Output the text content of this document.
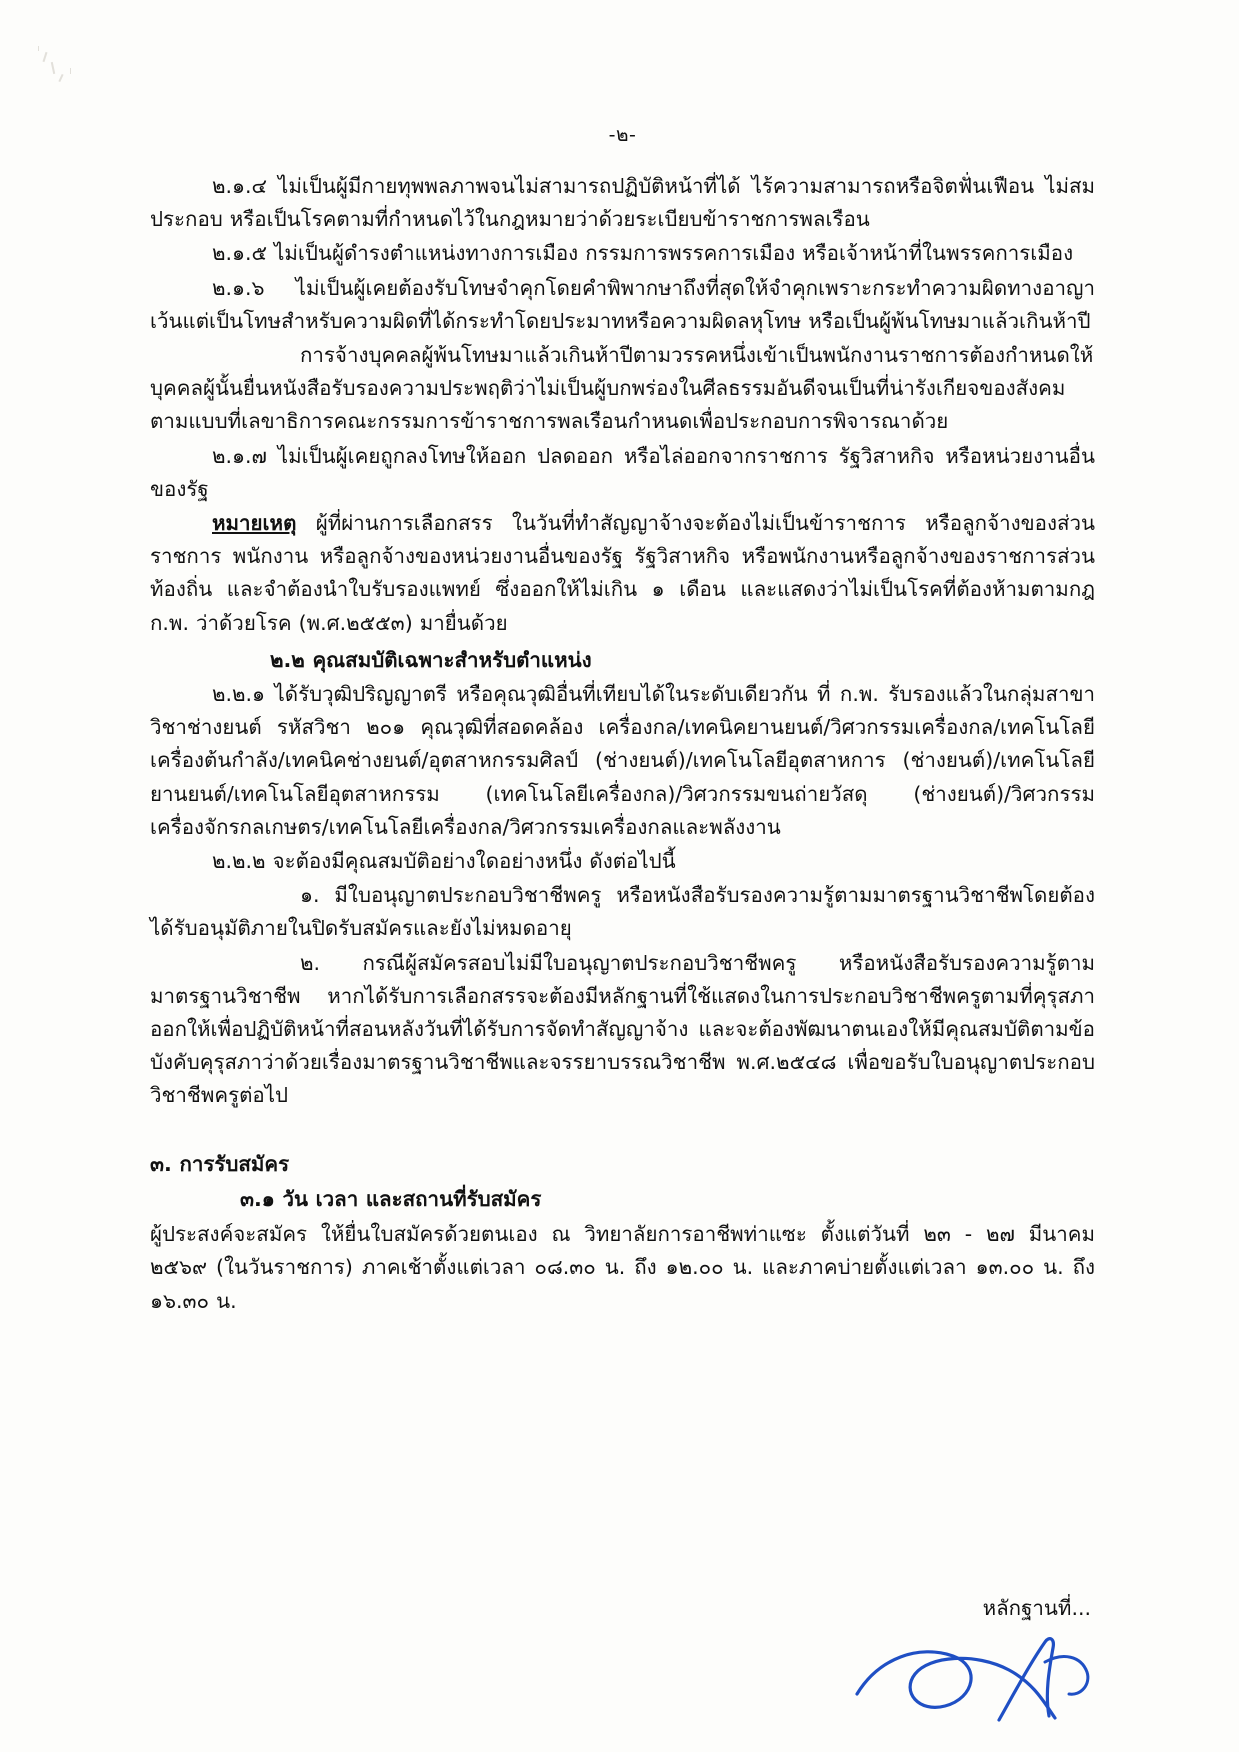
-๒-

๒.๑.๔ ไม่เป็นผู้มีกายทุพพลภาพจนไม่สามารถปฏิบัติหน้าที่ได้ ไร้ความสามารถหรือจิตฟั่นเฟือน ไม่สมประกอบ หรือเป็นโรคตามที่กำหนดไว้ในกฎหมายว่าด้วยระเบียบข้าราชการพลเรือน

๒.๑.๕ ไม่เป็นผู้ดำรงตำแหน่งทางการเมือง กรรมการพรรคการเมือง หรือเจ้าหน้าที่ในพรรคการเมือง

๒.๑.๖ ไม่เป็นผู้เคยต้องรับโทษจำคุกโดยคำพิพากษาถึงที่สุดให้จำคุกเพราะกระทำความผิดทางอาญา เว้นแต่เป็นโทษสำหรับความผิดที่ได้กระทำโดยประมาทหรือความผิดลหุโทษ หรือเป็นผู้พ้นโทษมาแล้วเกินห้าปี

การจ้างบุคคลผู้พ้นโทษมาแล้วเกินห้าปีตามวรรคหนึ่งเข้าเป็นพนักงานราชการต้องกำหนดให้บุคคลผู้นั้นยื่นหนังสือรับรองความประพฤติว่าไม่เป็นผู้บกพร่องในศีลธรรมอันดีจนเป็นที่น่ารังเกียจของสังคมตามแบบที่เลขาธิการคณะกรรมการข้าราชการพลเรือนกำหนดเพื่อประกอบการพิจารณาด้วย

๒.๑.๗ ไม่เป็นผู้เคยถูกลงโทษให้ออก ปลดออก หรือไล่ออกจากราชการ รัฐวิสาหกิจ หรือหน่วยงานอื่นของรัฐ

หมายเหตุ ผู้ที่ผ่านการเลือกสรร ในวันที่ทำสัญญาจ้างจะต้องไม่เป็นข้าราชการ หรือลูกจ้างของส่วนราชการ พนักงาน หรือลูกจ้างของหน่วยงานอื่นของรัฐ รัฐวิสาหกิจ หรือพนักงานหรือลูกจ้างของราชการส่วนท้องถิ่น และจำต้องนำใบรับรองแพทย์ ซึ่งออกให้ไม่เกิน ๑ เดือน และแสดงว่าไม่เป็นโรคที่ต้องห้ามตามกฎ ก.พ. ว่าด้วยโรค (พ.ศ.๒๕๕๓) มายื่นด้วย

๒.๒ คุณสมบัติเฉพาะสำหรับตำแหน่ง

๒.๒.๑ ได้รับวุฒิปริญญาตรี หรือคุณวุฒิอื่นที่เทียบได้ในระดับเดียวกัน ที่ ก.พ. รับรองแล้วในกลุ่มสาขาวิชาช่างยนต์ รหัสวิชา ๒๐๑ คุณวุฒิที่สอดคล้อง เครื่องกล/เทคนิคยานยนต์/วิศวกรรมเครื่องกล/เทคโนโลยีเครื่องต้นกำลัง/เทคนิคช่างยนต์/อุตสาหกรรมศิลป์ (ช่างยนต์)/เทคโนโลยีอุตสาหการ (ช่างยนต์)/เทคโนโลยียานยนต์/เทคโนโลยีอุตสาหกรรม (เทคโนโลยีเครื่องกล)/วิศวกรรมขนถ่ายวัสดุ (ช่างยนต์)/วิศวกรรมเครื่องจักรกลเกษตร/เทคโนโลยีเครื่องกล/วิศวกรรมเครื่องกลและพลังงาน

๒.๒.๒ จะต้องมีคุณสมบัติอย่างใดอย่างหนึ่ง ดังต่อไปนี้

๑. มีใบอนุญาตประกอบวิชาชีพครู หรือหนังสือรับรองความรู้ตามมาตรฐานวิชาชีพโดยต้องได้รับอนุมัติภายในปิดรับสมัครและยังไม่หมดอายุ

๒. กรณีผู้สมัครสอบไม่มีใบอนุญาตประกอบวิชาชีพครู หรือหนังสือรับรองความรู้ตามมาตรฐานวิชาชีพ หากได้รับการเลือกสรรจะต้องมีหลักฐานที่ใช้แสดงในการประกอบวิชาชีพครูตามที่คุรุสภาออกให้เพื่อปฏิบัติหน้าที่สอนหลังวันที่ได้รับการจัดทำสัญญาจ้าง และจะต้องพัฒนาตนเองให้มีคุณสมบัติตามข้อบังคับคุรุสภาว่าด้วยเรื่องมาตรฐานวิชาชีพและจรรยาบรรณวิชาชีพ พ.ศ.๒๕๔๘ เพื่อขอรับใบอนุญาตประกอบวิชาชีพครูต่อไป

๓. การรับสมัคร

๓.๑ วัน เวลา และสถานที่รับสมัคร

ผู้ประสงค์จะสมัคร ให้ยื่นใบสมัครด้วยตนเอง ณ วิทยาลัยการอาชีพท่าแซะ ตั้งแต่วันที่ ๒๓ - ๒๗ มีนาคม ๒๕๖๙ (ในวันราชการ) ภาคเช้าตั้งแต่เวลา ๐๘.๓๐ น. ถึง ๑๒.๐๐ น. และภาคบ่ายตั้งแต่เวลา ๑๓.๐๐ น. ถึง ๑๖.๓๐ น.

หลักฐานที่...
